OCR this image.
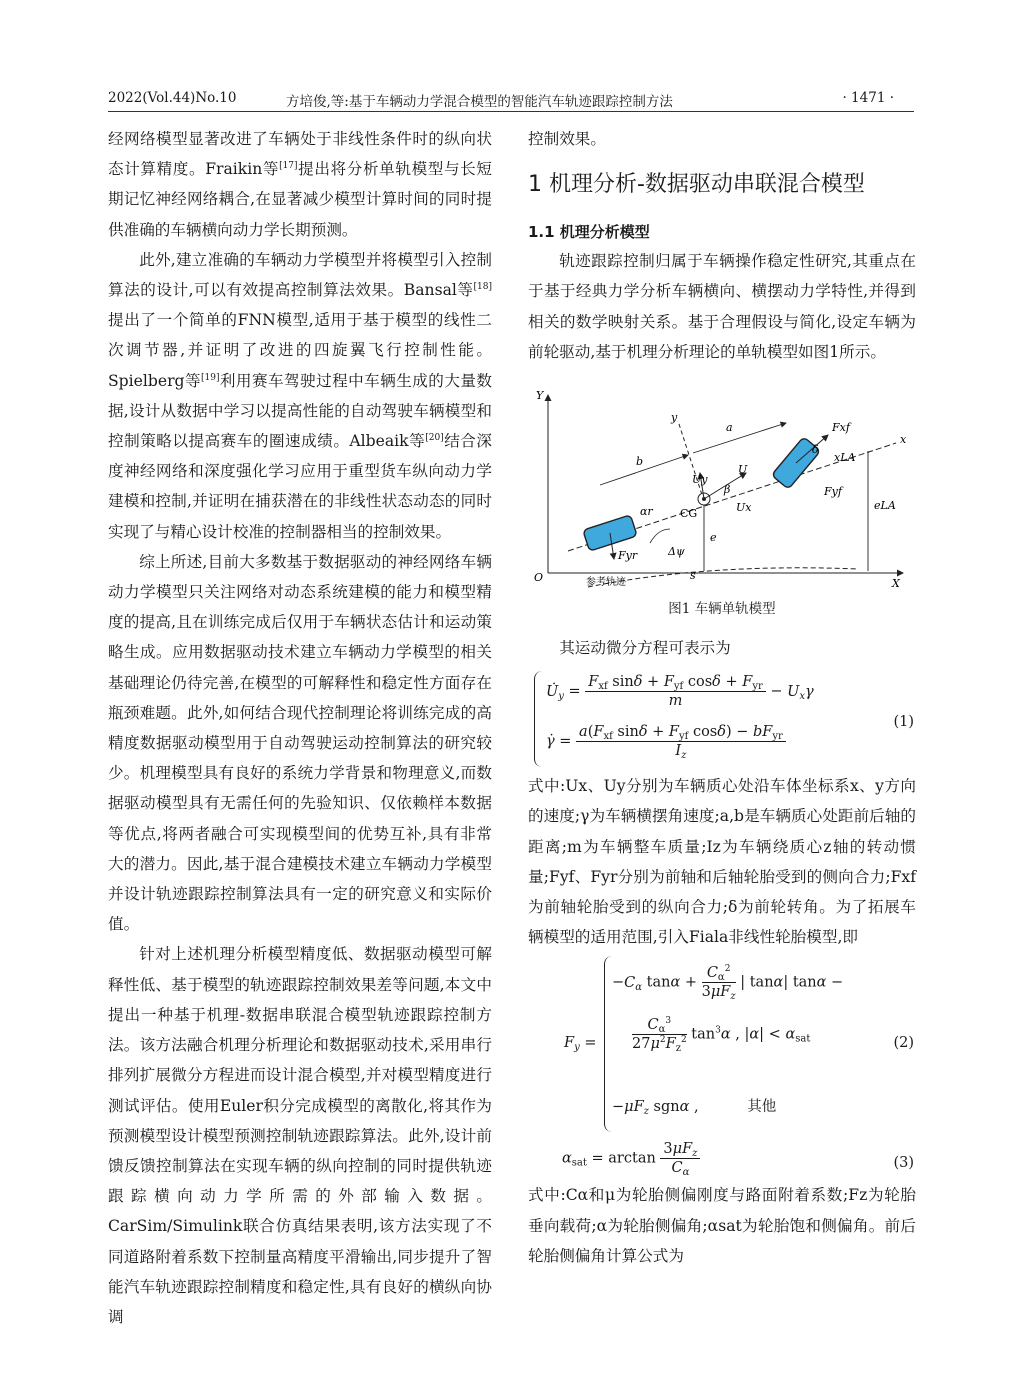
2022(Vol.44)No.10	方培俊,等:基于车辆动力学混合模型的智能汽车轨迹跟踪控制方法	· 1471 ·

经网络模型显著改进了车辆处于非线性条件时的纵向状态计算精度。Fraikin等[17]提出将分析单轨模型与长短期记忆神经网络耦合,在显著减少模型计算时间的同时提供准确的车辆横向动力学长期预测。

此外,建立准确的车辆动力学模型并将模型引入控制算法的设计,可以有效提高控制算法效果。Bansal等[18]提出了一个简单的FNN模型,适用于基于模型的线性二次调节器,并证明了改进的四旋翼飞行控制性能。Spielberg等[19]利用赛车驾驶过程中车辆生成的大量数据,设计从数据中学习以提高性能的自动驾驶车辆模型和控制策略以提高赛车的圈速成绩。Albeaik等[20]结合深度神经网络和深度强化学习应用于重型货车纵向动力学建模和控制,并证明在捕获潜在的非线性状态动态的同时实现了与精心设计校准的控制器相当的控制效果。

综上所述,目前大多数基于数据驱动的神经网络车辆动力学模型只关注网络对动态系统建模的能力和模型精度的提高,且在训练完成后仅用于车辆状态估计和运动策略生成。应用数据驱动技术建立车辆动力学模型的相关基础理论仍待完善,在模型的可解释性和稳定性方面存在瓶颈难题。此外,如何结合现代控制理论将训练完成的高精度数据驱动模型用于自动驾驶运动控制算法的研究较少。机理模型具有良好的系统力学背景和物理意义,而数据驱动模型具有无需任何的先验知识、仅依赖样本数据等优点,将两者融合可实现模型间的优势互补,具有非常大的潜力。因此,基于混合建模技术建立车辆动力学模型并设计轨迹跟踪控制算法具有一定的研究意义和实际价值。

针对上述机理分析模型精度低、数据驱动模型可解释性低、基于模型的轨迹跟踪控制效果差等问题,本文中提出一种基于机理-数据串联混合模型轨迹跟踪控制方法。该方法融合机理分析理论和数据驱动技术,采用串行排列扩展微分方程进而设计混合模型,并对模型精度进行测试评估。使用Euler积分完成模型的离散化,将其作为预测模型设计模型预测控制轨迹跟踪算法。此外,设计前馈反馈控制算法在实现车辆的纵向控制的同时提供轨迹跟踪横向动力学所需的外部输入数据。CarSim/Simulink联合仿真结果表明,该方法实现了不同道路附着系数下控制量高精度平滑输出,同步提升了智能汽车轨迹跟踪控制精度和稳定性,具有良好的横纵向协调

控制效果。

1 机理分析-数据驱动串联混合模型
1.1 机理分析模型

轨迹跟踪控制归属于车辆操作稳定性研究,其重点在于基于经典力学分析车辆横向、横摆动力学特性,并得到相关的数学映射关系。基于合理假设与简化,设定车辆为前轮驱动,基于机理分析理论的单轨模型如图1所示。

Y
O	X
参考轨迹
s
x
y
b
a
CG
U
Uy
Ux
β
e
eLA
xLA
Fxf
δ
Fyf
Fyr
αr
Δψ
图1 车辆单轨模型

其运动微分方程可表示为

$U̇_y = \frac{F_{xf} \sin\delta + F_{yf} \cos\delta + F_{yr}}{m} - U_x\gamma$
γ̇ = $\frac{a(F_{xf} \sin\delta + F_{yf} \cos\delta) - bF_{yr}}{I_z}$
(1)

式中:Ux、Uy分别为车辆质心处沿车体坐标系x、y方向的速度;γ为车辆横摆角速度;a,b是车辆质心处距前后轴的距离;m为车辆整车质量;Iz为车辆绕质心z轴的转动惯量;Fyf、Fyr分别为前轴和后轴轮胎受到的侧向合力;Fxf为前轴轮胎受到的纵向合力;δ为前轮转角。为了拓展车辆模型的适用范围,引入Fiala非线性轮胎模型,即

$F_y$ =
$-C_\alpha$ $\tan\alpha + \frac{C_\alpha^2}{3\mu F_z}$ | tanα| tanα −
$\frac{C_\alpha^3}{27\mu^2F_z^2} \tan^3\alpha$ , $|\alpha| < \alpha_{sat}$
$-\mu F_z$ sgnα ,	其他
(2)
$\alpha_{sat} = \arctan \frac{3\mu F_z}{C_\alpha}$	(3)

式中:Cα和μ为轮胎侧偏刚度与路面附着系数;Fz为轮胎垂向载荷;α为轮胎侧偏角;αsat为轮胎饱和侧偏角。前后轮胎侧偏角计算公式为
